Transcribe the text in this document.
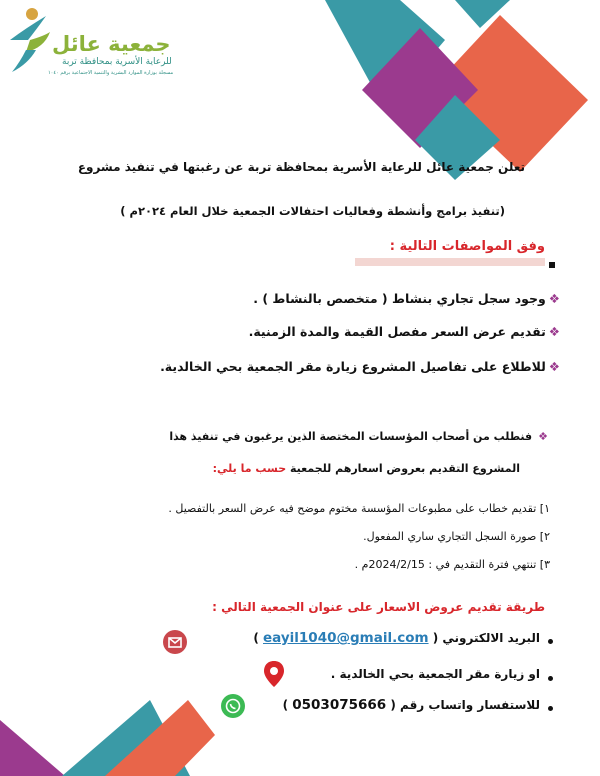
جمعية عائل
للرعاية الأسرية بمحافظة تربة
مسجلة بوزارة الموارد البشرية والتنمية الاجتماعية برقم ١٠٤٠
تعلن جمعية عائل للرعاية الأسرية بمحافظة تربة عن رغبتها في تنفيذ مشروع
(تنفيذ برامج وأنشطة وفعاليات احتفالات الجمعية خلال العام ٢٠٢٤م )
وفق المواصفات التالية :
❖وجود سجل تجاري بنشاط ( متخصص بالنشاط ) .
❖تقديم عرض السعر مفصل القيمة والمدة الزمنية.
❖للاطلاع على تفاصيل المشروع زيارة مقر الجمعية بحي الخالدية.
❖فنطلب من أصحاب المؤسسات المختصة الذين يرغبون في تنفيذ هذا
المشروع التقديم بعروض اسعارهم للجمعية حسب ما يلي:
١] تقديم خطاب على مطبوعات المؤسسة مختوم موضح فيه عرض السعر بالتفصيل .
٢] صورة السجل التجاري ساري المفعول.
٣] تنتهي فترة التقديم في : 2024/2/15م .
طريقة تقديم عروض الاسعار على عنوان الجمعية التالي :
البريد الالكتروني ( eayil1040@gmail.com )
او زيارة مقر الجمعية بحي الخالدية .
للاستفسار واتساب رقم ( 0503075666 )
